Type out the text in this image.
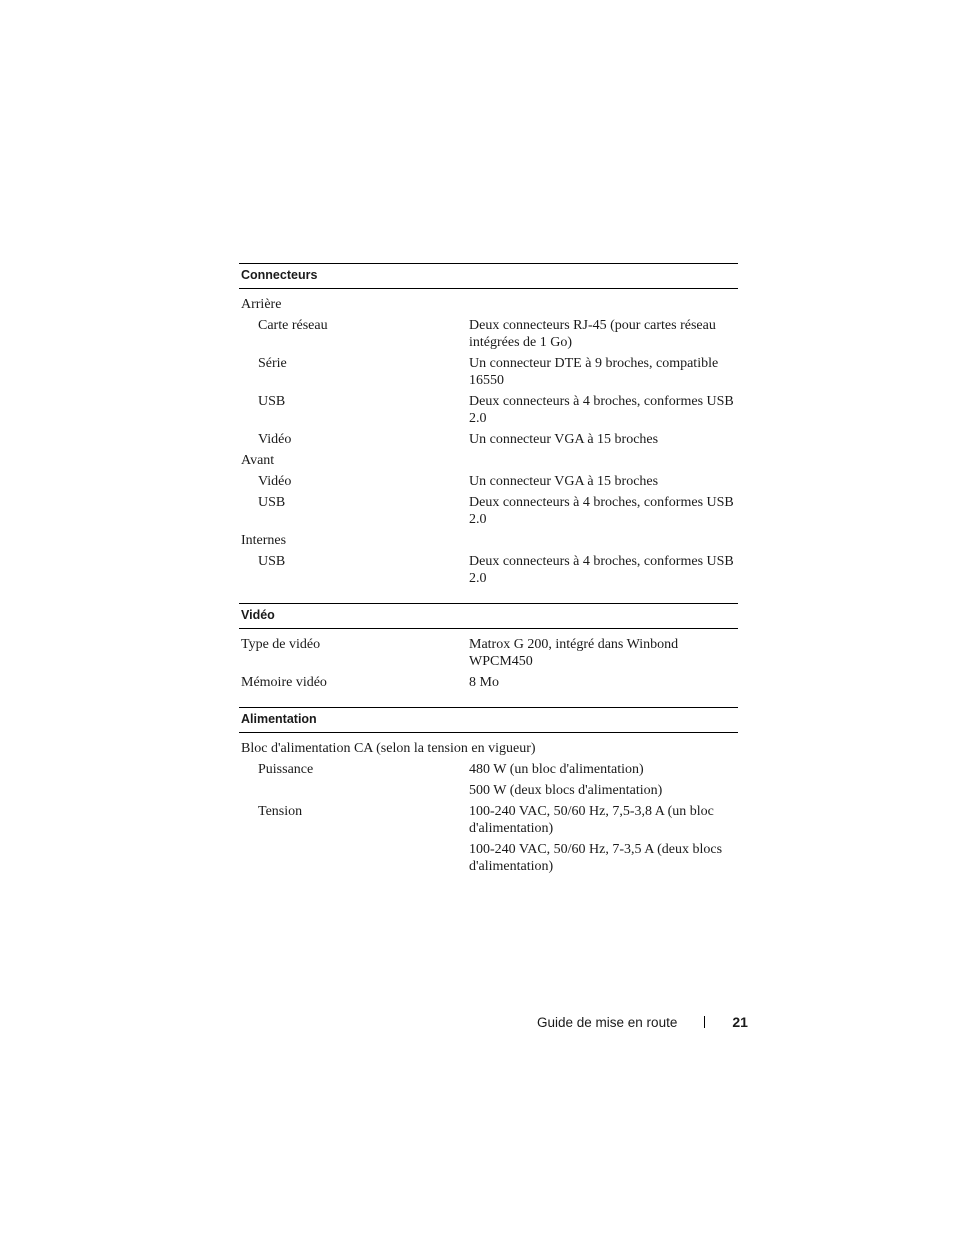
Connecteurs
Arrière
Carte réseau	Deux connecteurs RJ-45 (pour cartes réseau intégrées de 1 Go)
Série	Un connecteur DTE à 9 broches, compatible 16550
USB	Deux connecteurs à 4 broches, conformes USB 2.0
Vidéo	Un connecteur VGA à 15 broches
Avant
Vidéo	Un connecteur VGA à 15 broches
USB	Deux connecteurs à 4 broches, conformes USB 2.0
Internes
USB	Deux connecteurs à 4 broches, conformes USB 2.0
Vidéo
Type de vidéo	Matrox G 200, intégré dans Winbond WPCM450
Mémoire vidéo	8 Mo
Alimentation
Bloc d'alimentation CA (selon la tension en vigueur)
Puissance	480 W (un bloc d'alimentation)
500 W (deux blocs d'alimentation)
Tension	100-240 VAC, 50/60 Hz, 7,5-3,8 A (un bloc d'alimentation)
100-240 VAC, 50/60 Hz, 7-3,5 A (deux blocs d'alimentation)
Guide de mise en route	21
